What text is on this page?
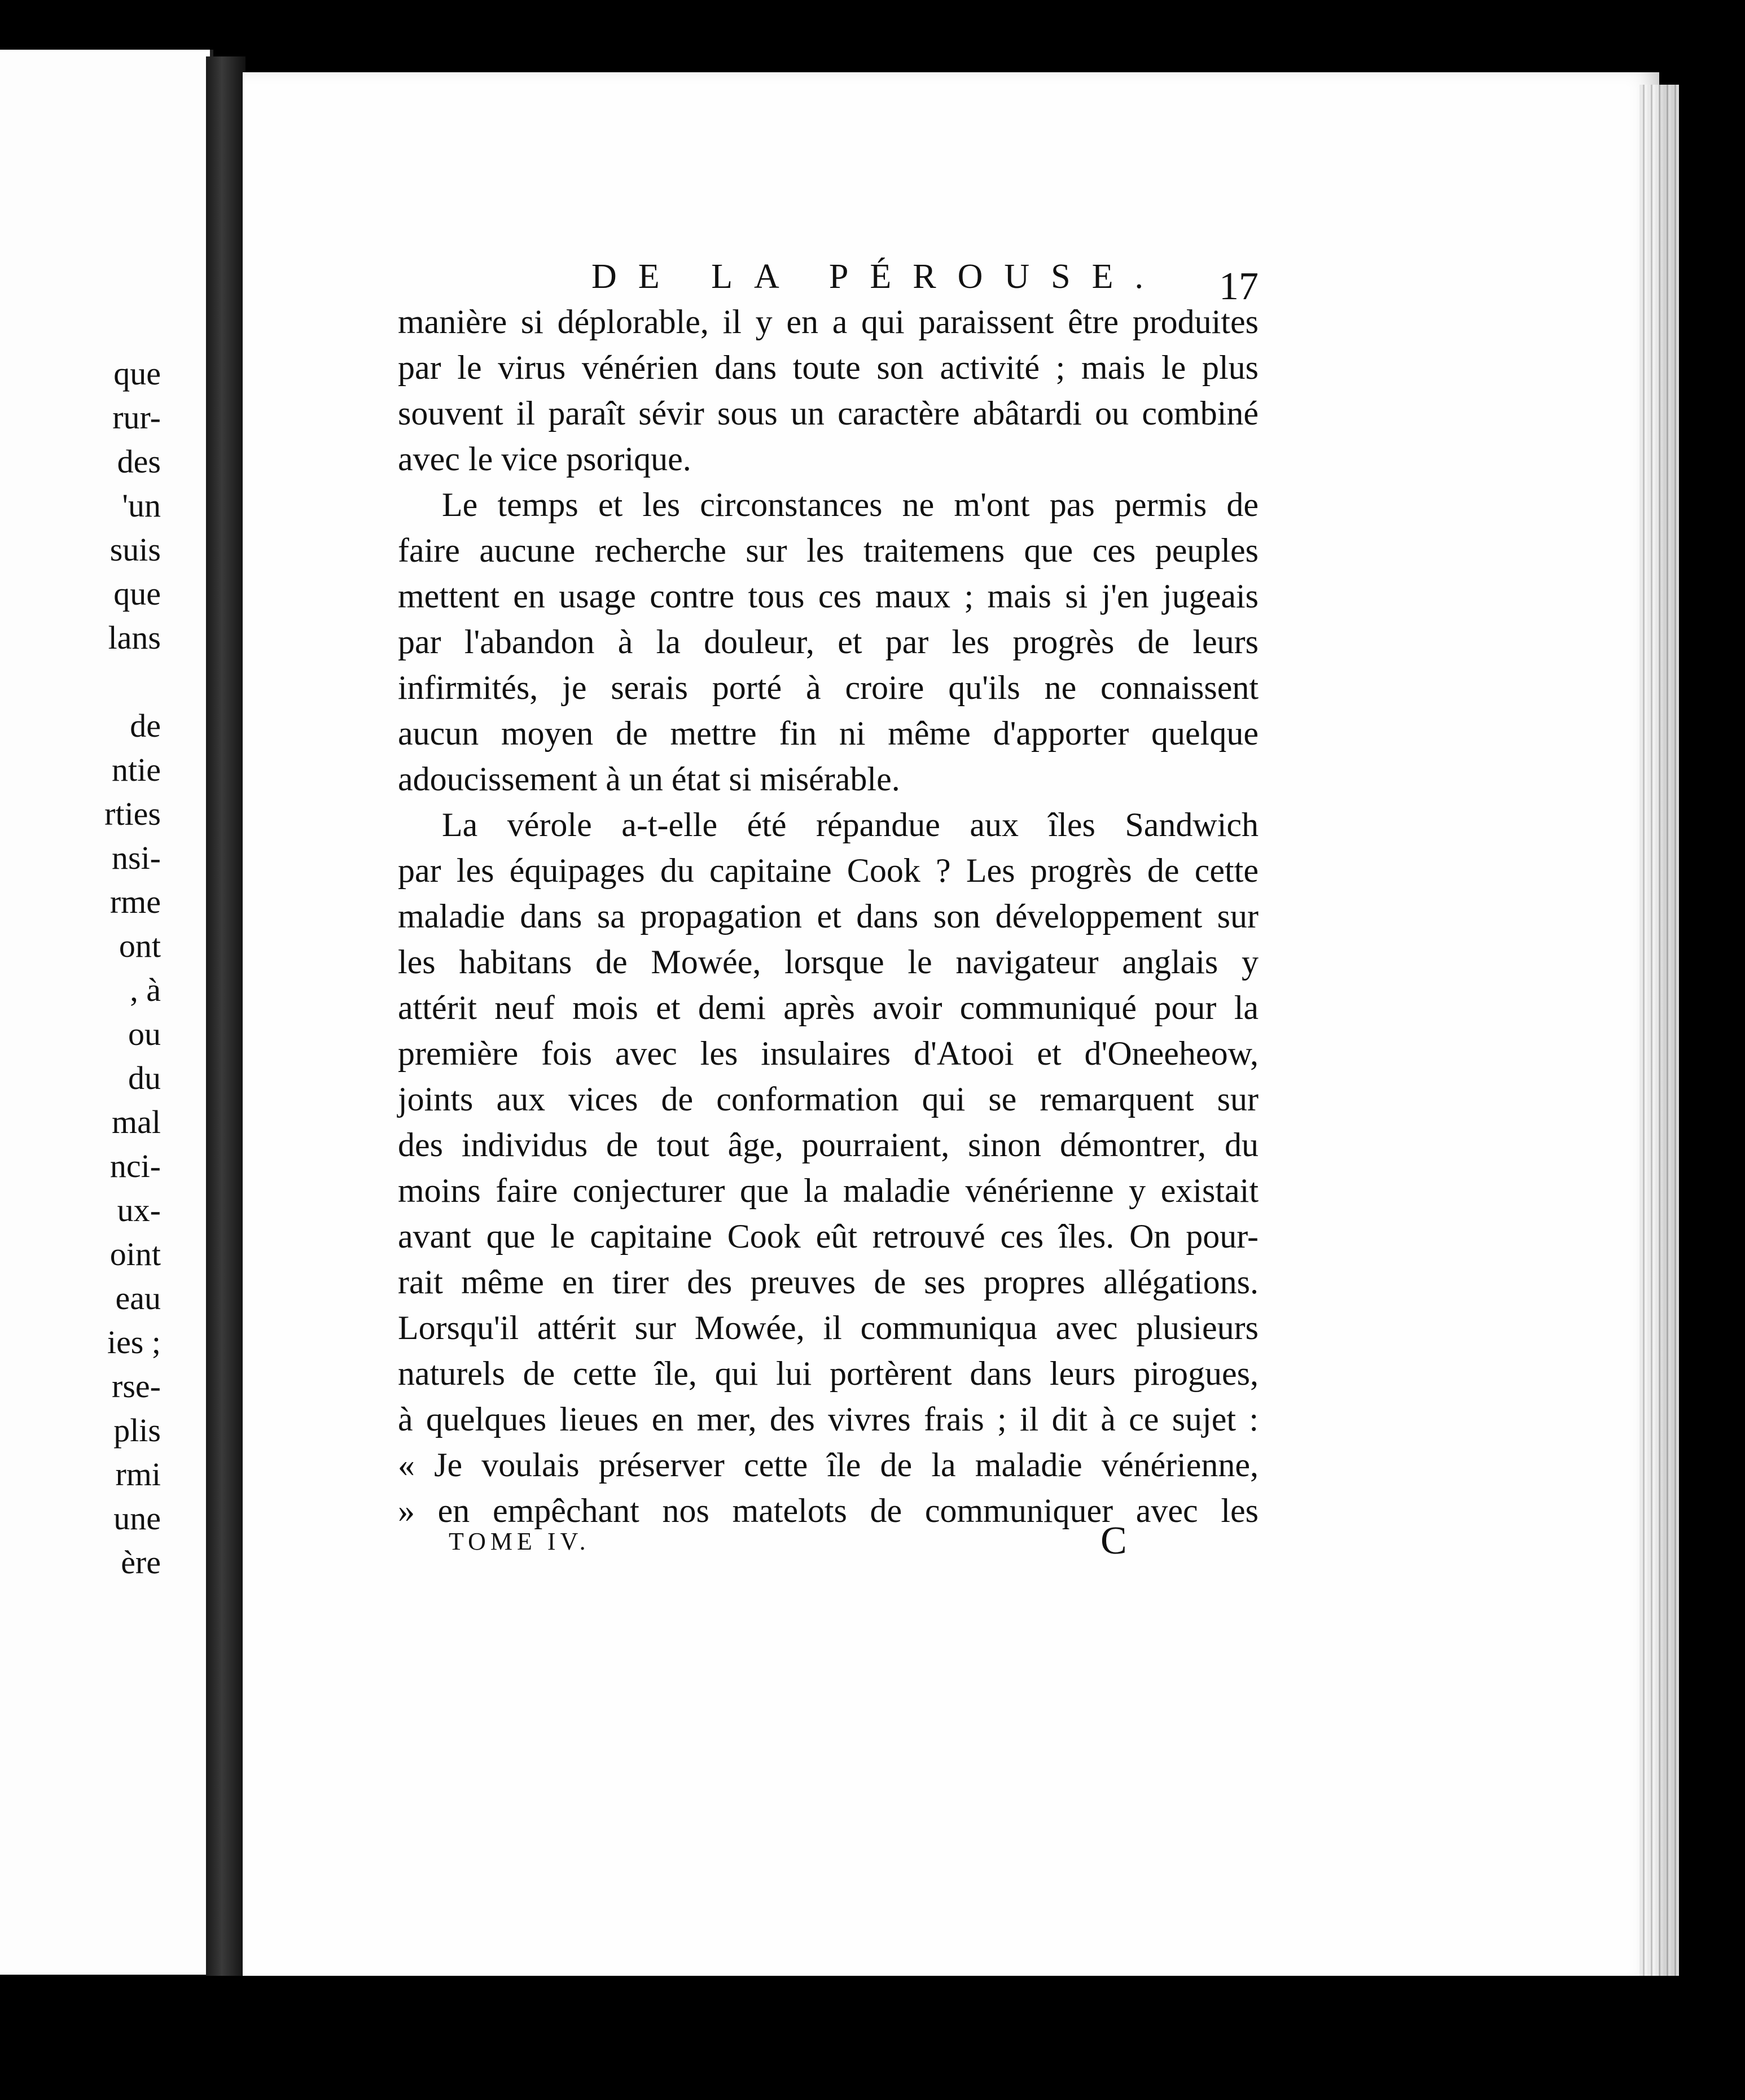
que
rur-
des
'un
suis
que
lans
de
ntie
rties
nsi-
rme
ont
, à
ou
du
mal
nci-
ux-
oint
eau
ies ;
rse-
plis
rmi
une
ère
DE LA PÉROUSE. 17
manière si déplorable, il y en a qui paraissent être produites
par le virus vénérien dans toute son activité ; mais le plus
souvent il paraît sévir sous un caractère abâtardi ou combiné
avec le vice psorique.
Le temps et les circonstances ne m'ont pas permis de
faire aucune recherche sur les traitemens que ces peuples
mettent en usage contre tous ces maux ; mais si j'en jugeais
par l'abandon à la douleur, et par les progrès de leurs
infirmités, je serais porté à croire qu'ils ne connaissent
aucun moyen de mettre fin ni même d'apporter quelque
adoucissement à un état si misérable.
La vérole a-t-elle été répandue aux îles Sandwich
par les équipages du capitaine Cook ? Les progrès de cette
maladie dans sa propagation et dans son développement sur
les habitans de Mowée, lorsque le navigateur anglais y
attérit neuf mois et demi après avoir communiqué pour la
première fois avec les insulaires d'Atooi et d'Oneeheow,
joints aux vices de conformation qui se remarquent sur
des individus de tout âge, pourraient, sinon démontrer, du
moins faire conjecturer que la maladie vénérienne y existait
avant que le capitaine Cook eût retrouvé ces îles. On pour-
rait même en tirer des preuves de ses propres allégations.
Lorsqu'il attérit sur Mowée, il communiqua avec plusieurs
naturels de cette île, qui lui portèrent dans leurs pirogues,
à quelques lieues en mer, des vivres frais ; il dit à ce sujet :
« Je voulais préserver cette île de la maladie vénérienne,
» en empêchant nos matelots de communiquer avec les
TOME IV.	C
